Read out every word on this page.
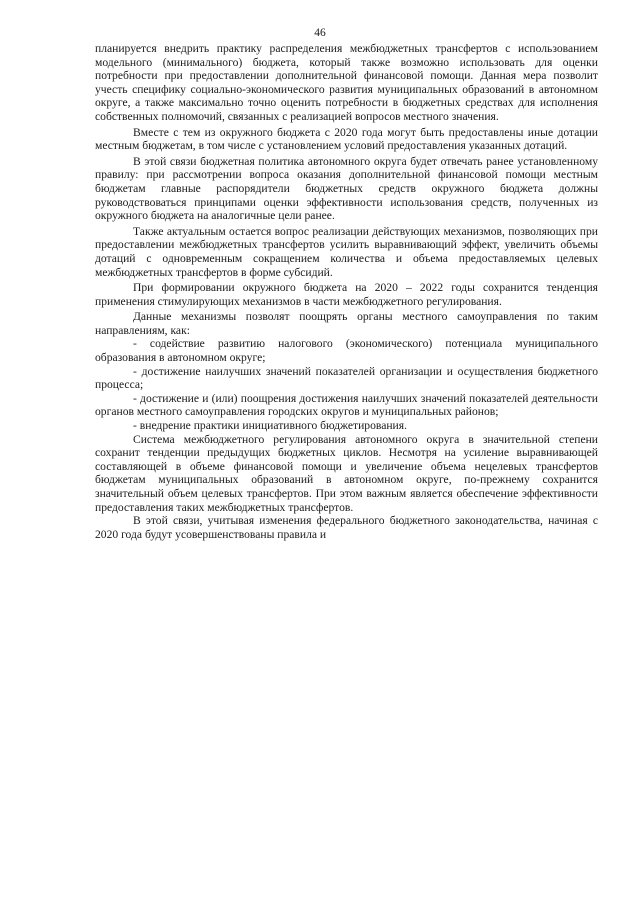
46

планируется внедрить практику распределения межбюджетных трансфертов с использованием модельного (минимального) бюджета, который также возможно использовать для оценки потребности при предоставлении дополнительной финансовой помощи. Данная мера позволит учесть специфику социально-экономического развития муниципальных образований в автономном округе, а также максимально точно оценить потребности в бюджетных средствах для исполнения собственных полномочий, связанных с реализацией вопросов местного значения.

Вместе с тем из окружного бюджета с 2020 года могут быть предоставлены иные дотации местным бюджетам, в том числе с установлением условий предоставления указанных дотаций.

В этой связи бюджетная политика автономного округа будет отвечать ранее установленному правилу: при рассмотрении вопроса оказания дополнительной финансовой помощи местным бюджетам главные распорядители бюджетных средств окружного бюджета должны руководствоваться принципами оценки эффективности использования средств, полученных из окружного бюджета на аналогичные цели ранее.

Также актуальным остается вопрос реализации действующих механизмов, позволяющих при предоставлении межбюджетных трансфертов усилить выравнивающий эффект, увеличить объемы дотаций с одновременным сокращением количества и объема предоставляемых целевых межбюджетных трансфертов в форме субсидий.

При формировании окружного бюджета на 2020 – 2022 годы сохранится тенденция применения стимулирующих механизмов в части межбюджетного регулирования.

Данные механизмы позволят поощрять органы местного самоуправления по таким направлениям, как:

- содействие развитию налогового (экономического) потенциала муниципального образования в автономном округе;

- достижение наилучших значений показателей организации и осуществления бюджетного процесса;

- достижение и (или) поощрения достижения наилучших значений показателей деятельности органов местного самоуправления городских округов и муниципальных районов;

- внедрение практики инициативного бюджетирования.

Система межбюджетного регулирования автономного округа в значительной степени сохранит тенденции предыдущих бюджетных циклов. Несмотря на усиление выравнивающей составляющей в объеме финансовой помощи и увеличение объема нецелевых трансфертов бюджетам муниципальных образований в автономном округе, по-прежнему сохранится значительный объем целевых трансфертов. При этом важным является обеспечение эффективности предоставления таких межбюджетных трансфертов.

В этой связи, учитывая изменения федерального бюджетного законодательства, начиная с 2020 года будут усовершенствованы правила и
